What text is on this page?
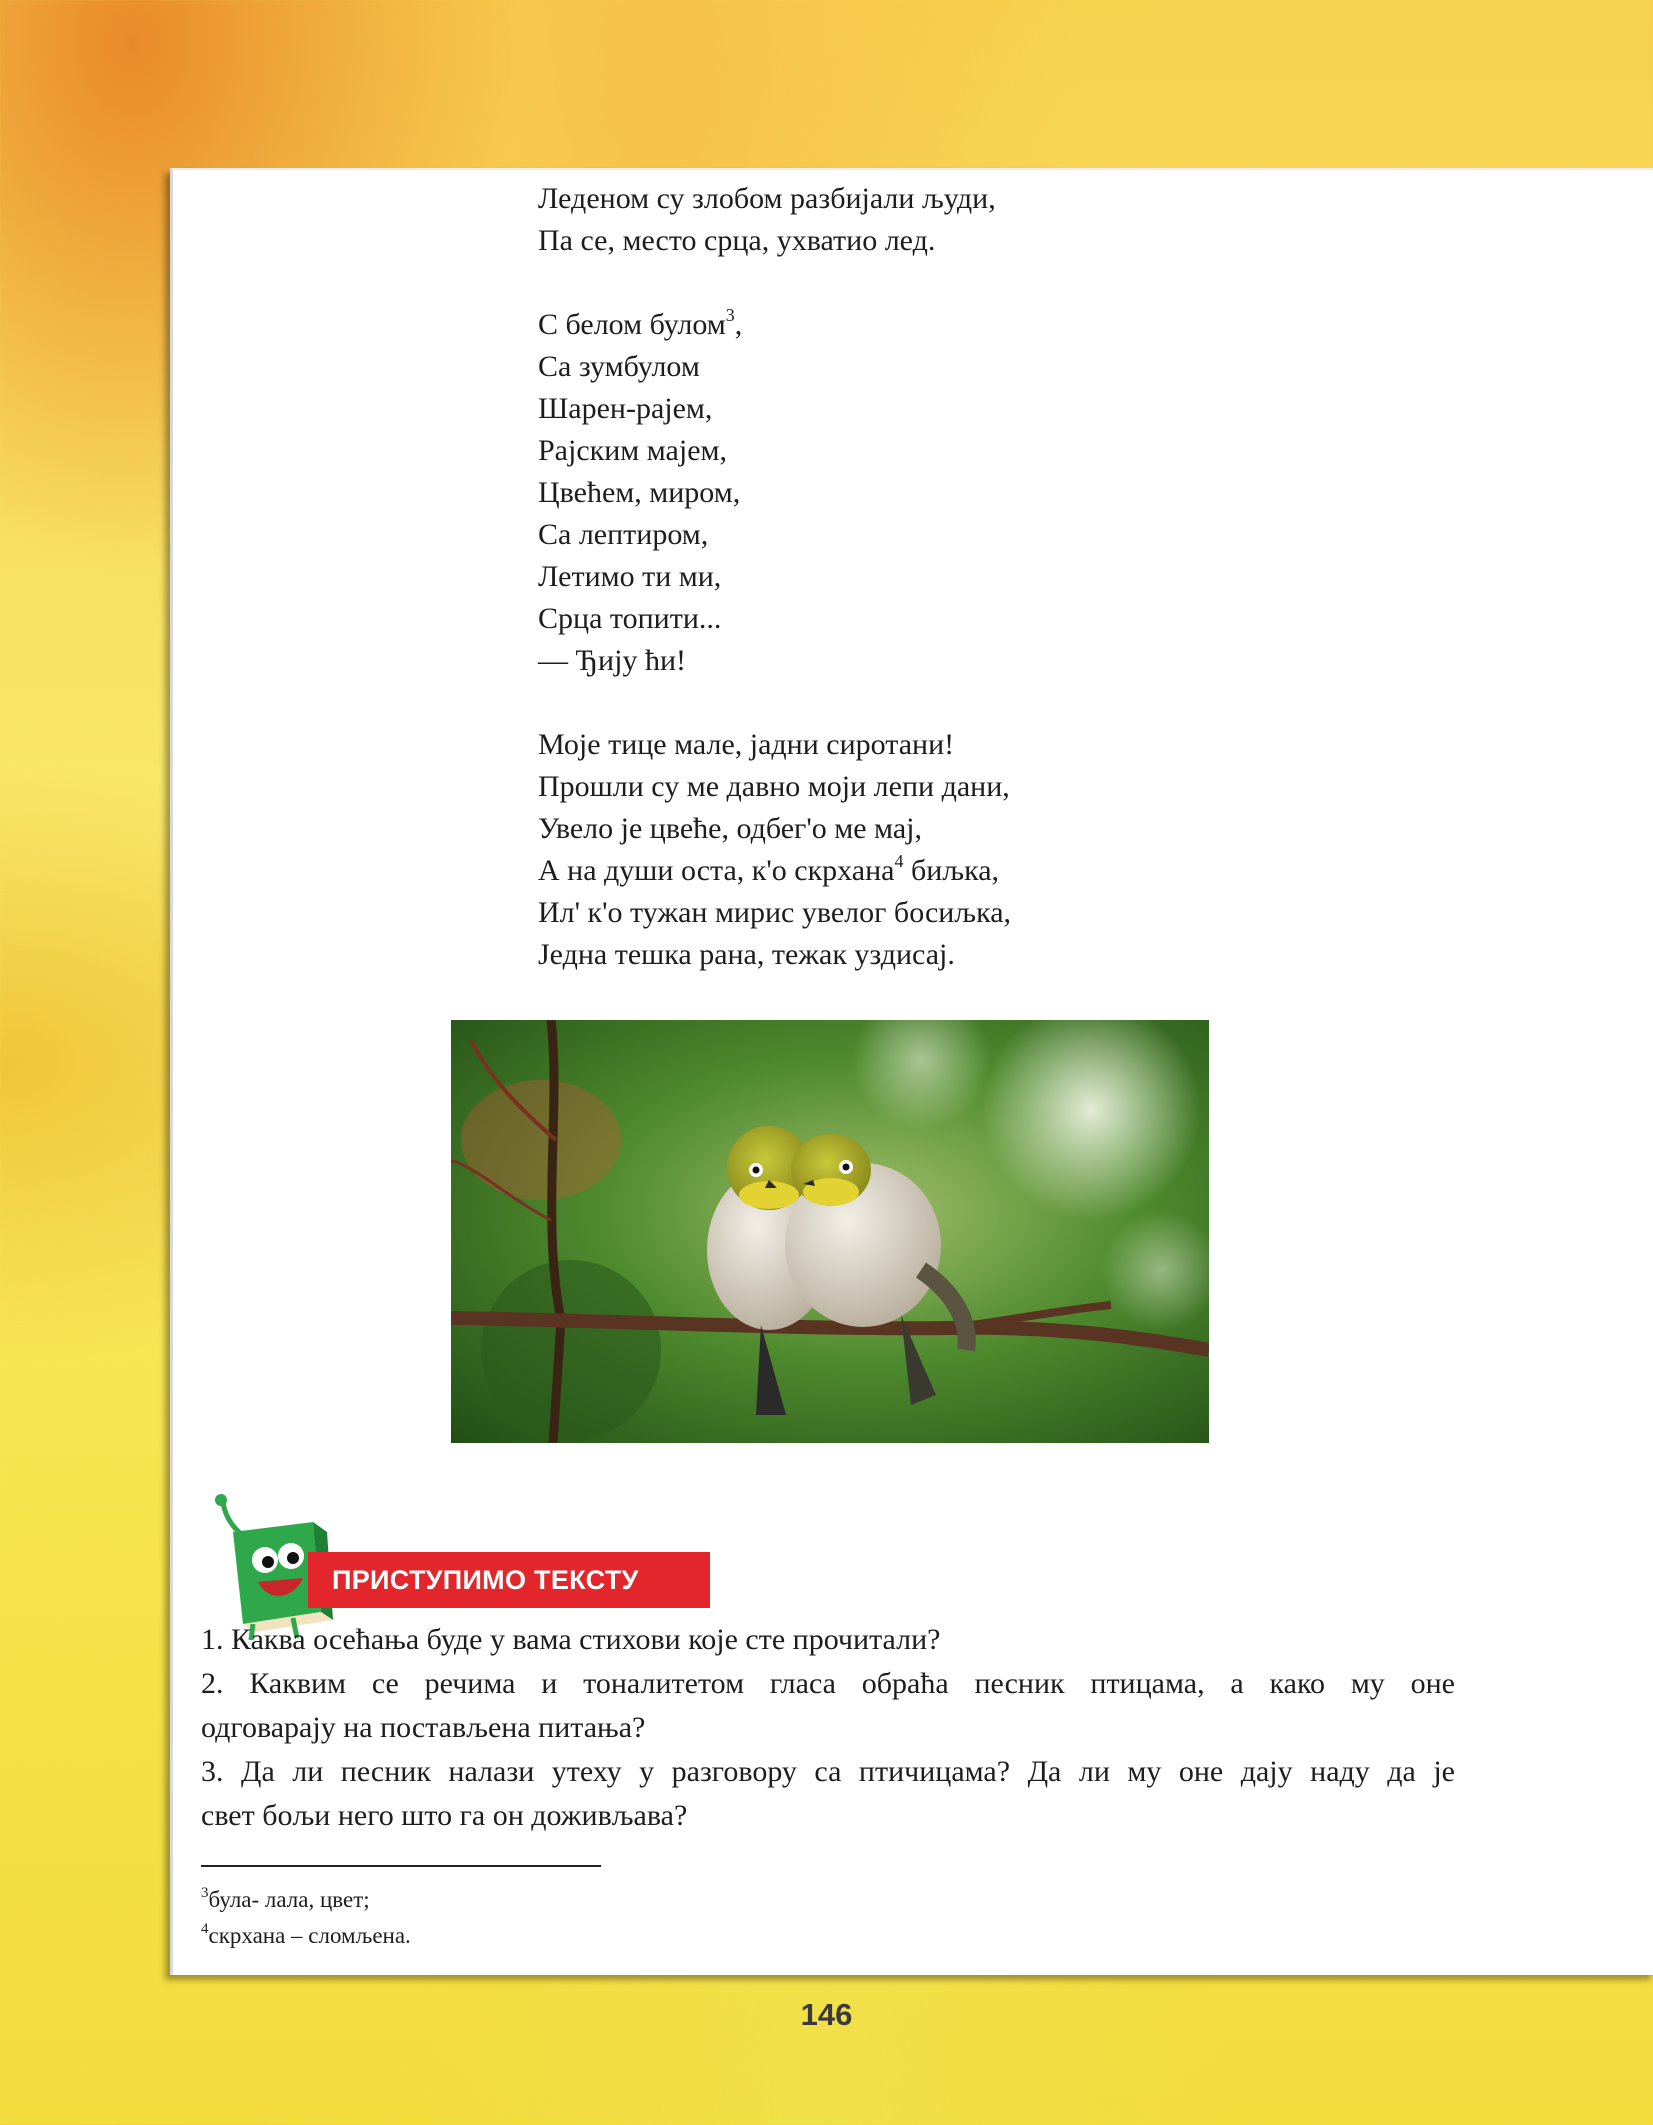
Леденом су злобом разбијали људи,
Па се, место срца, ухватио лед.
С белом булом$^3$,
Са зумбулом
Шарен-рајем,
Рајским мајем,
Цвећем, миром,
Са лептиром,
Летимо ти ми,
Срца топити...
— Ђију ћи!
Моје тице мале, јадни сиротани!
Прошли су ме давно моји лепи дани,
Увело је цвеће, одбег'о ме мај,
А на души оста, к'о скрхана$^4$ биљка,
Ил' к'о тужан мирис увелог босиљка,
Једна тешка рана, тежак уздисај.
ПРИСТУПИМО ТЕКСТУ

1. Каква осећања буде у вама стихови које сте прочитали?

2. Каквим се речима и тоналитетом гласа обраћа песник птицама, а како му оне

одговарају на постављена питања?

3. Да ли песник налази утеху у разговору са птичицама? Да ли му оне дају наду да је

свет бољи него што га он доживљава?

$^3$була- лала, цвет;
$^4$скрхана – сломљена.
146
